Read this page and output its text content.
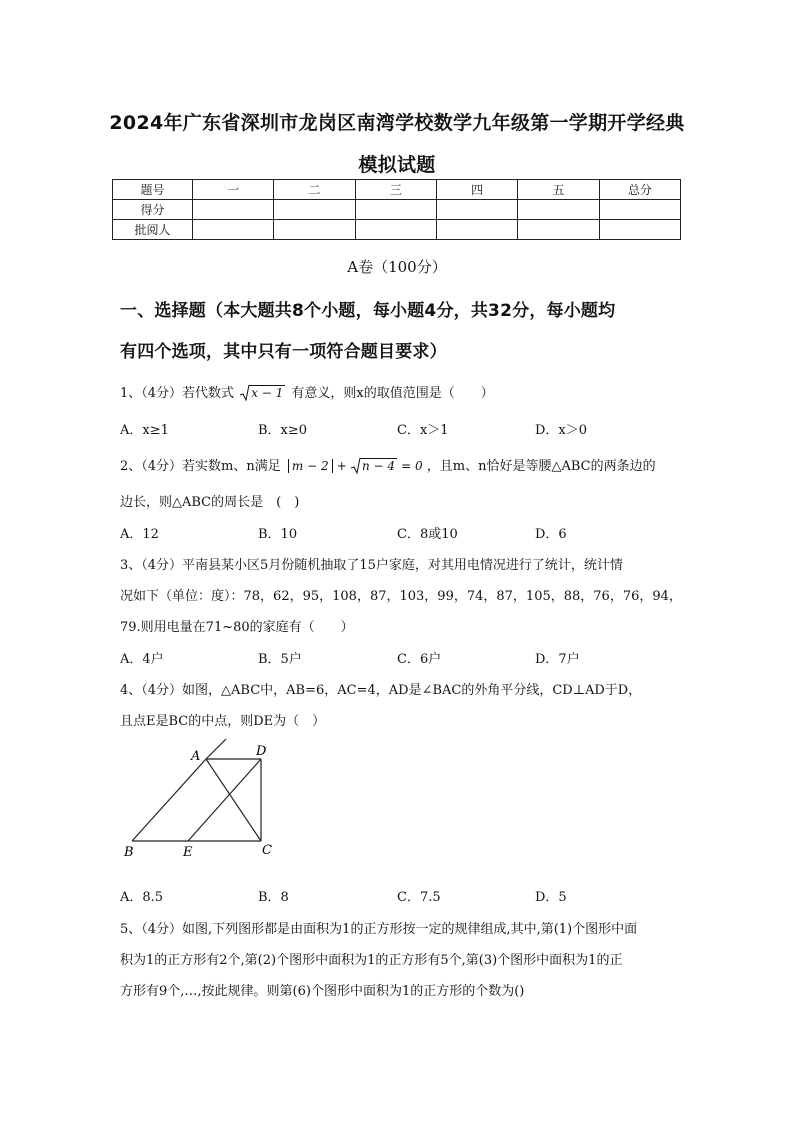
2024年广东省深圳市龙岗区南湾学校数学九年级第一学期开学经典
模拟试题
题号	一	二	三	四	五	总分
得分						
批阅人						
A卷（100分）
一、选择题（本大题共8个小题，每小题4分，共32分，每小题均
有四个选项，其中只有一项符合题目要求）
1、（4分）若代数式 x − 1 有意义，则x的取值范围是（　　）
A．x≥1	B．x≥0	C．x＞1	D．x＞0
2、（4分）若实数m、n满足 m − 2 + n − 4 = 0 ，且m、n恰好是等腰△ABC的两条边的
边长，则△ABC的周长是　(　)
A．12	B．10	C．8或10	D．6
3、（4分）平南县某小区5月份随机抽取了15户家庭，对其用电情况进行了统计，统计情
况如下（单位：度）：78，62，95，108，87，103，99，74，87，105，88，76，76，94，
79.则用电量在71~80的家庭有（　　）
A．4户	B．5户	C．6户	D．7户
4、（4分）如图，△ABC中，AB=6，AC=4，AD是∠BAC的外角平分线，CD⊥AD于D，
且点E是BC的中点，则DE为（　）
A	D
B	E	C
A．8.5	B．8	C．7.5	D．5
5、（4分）如图,下列图形都是由面积为1的正方形按一定的规律组成,其中,第(1)个图形中面
积为1的正方形有2个,第(2)个图形中面积为1的正方形有5个,第(3)个图形中面积为1的正
方形有9个,…,按此规律。则第(6)个图形中面积为1的正方形的个数为()
